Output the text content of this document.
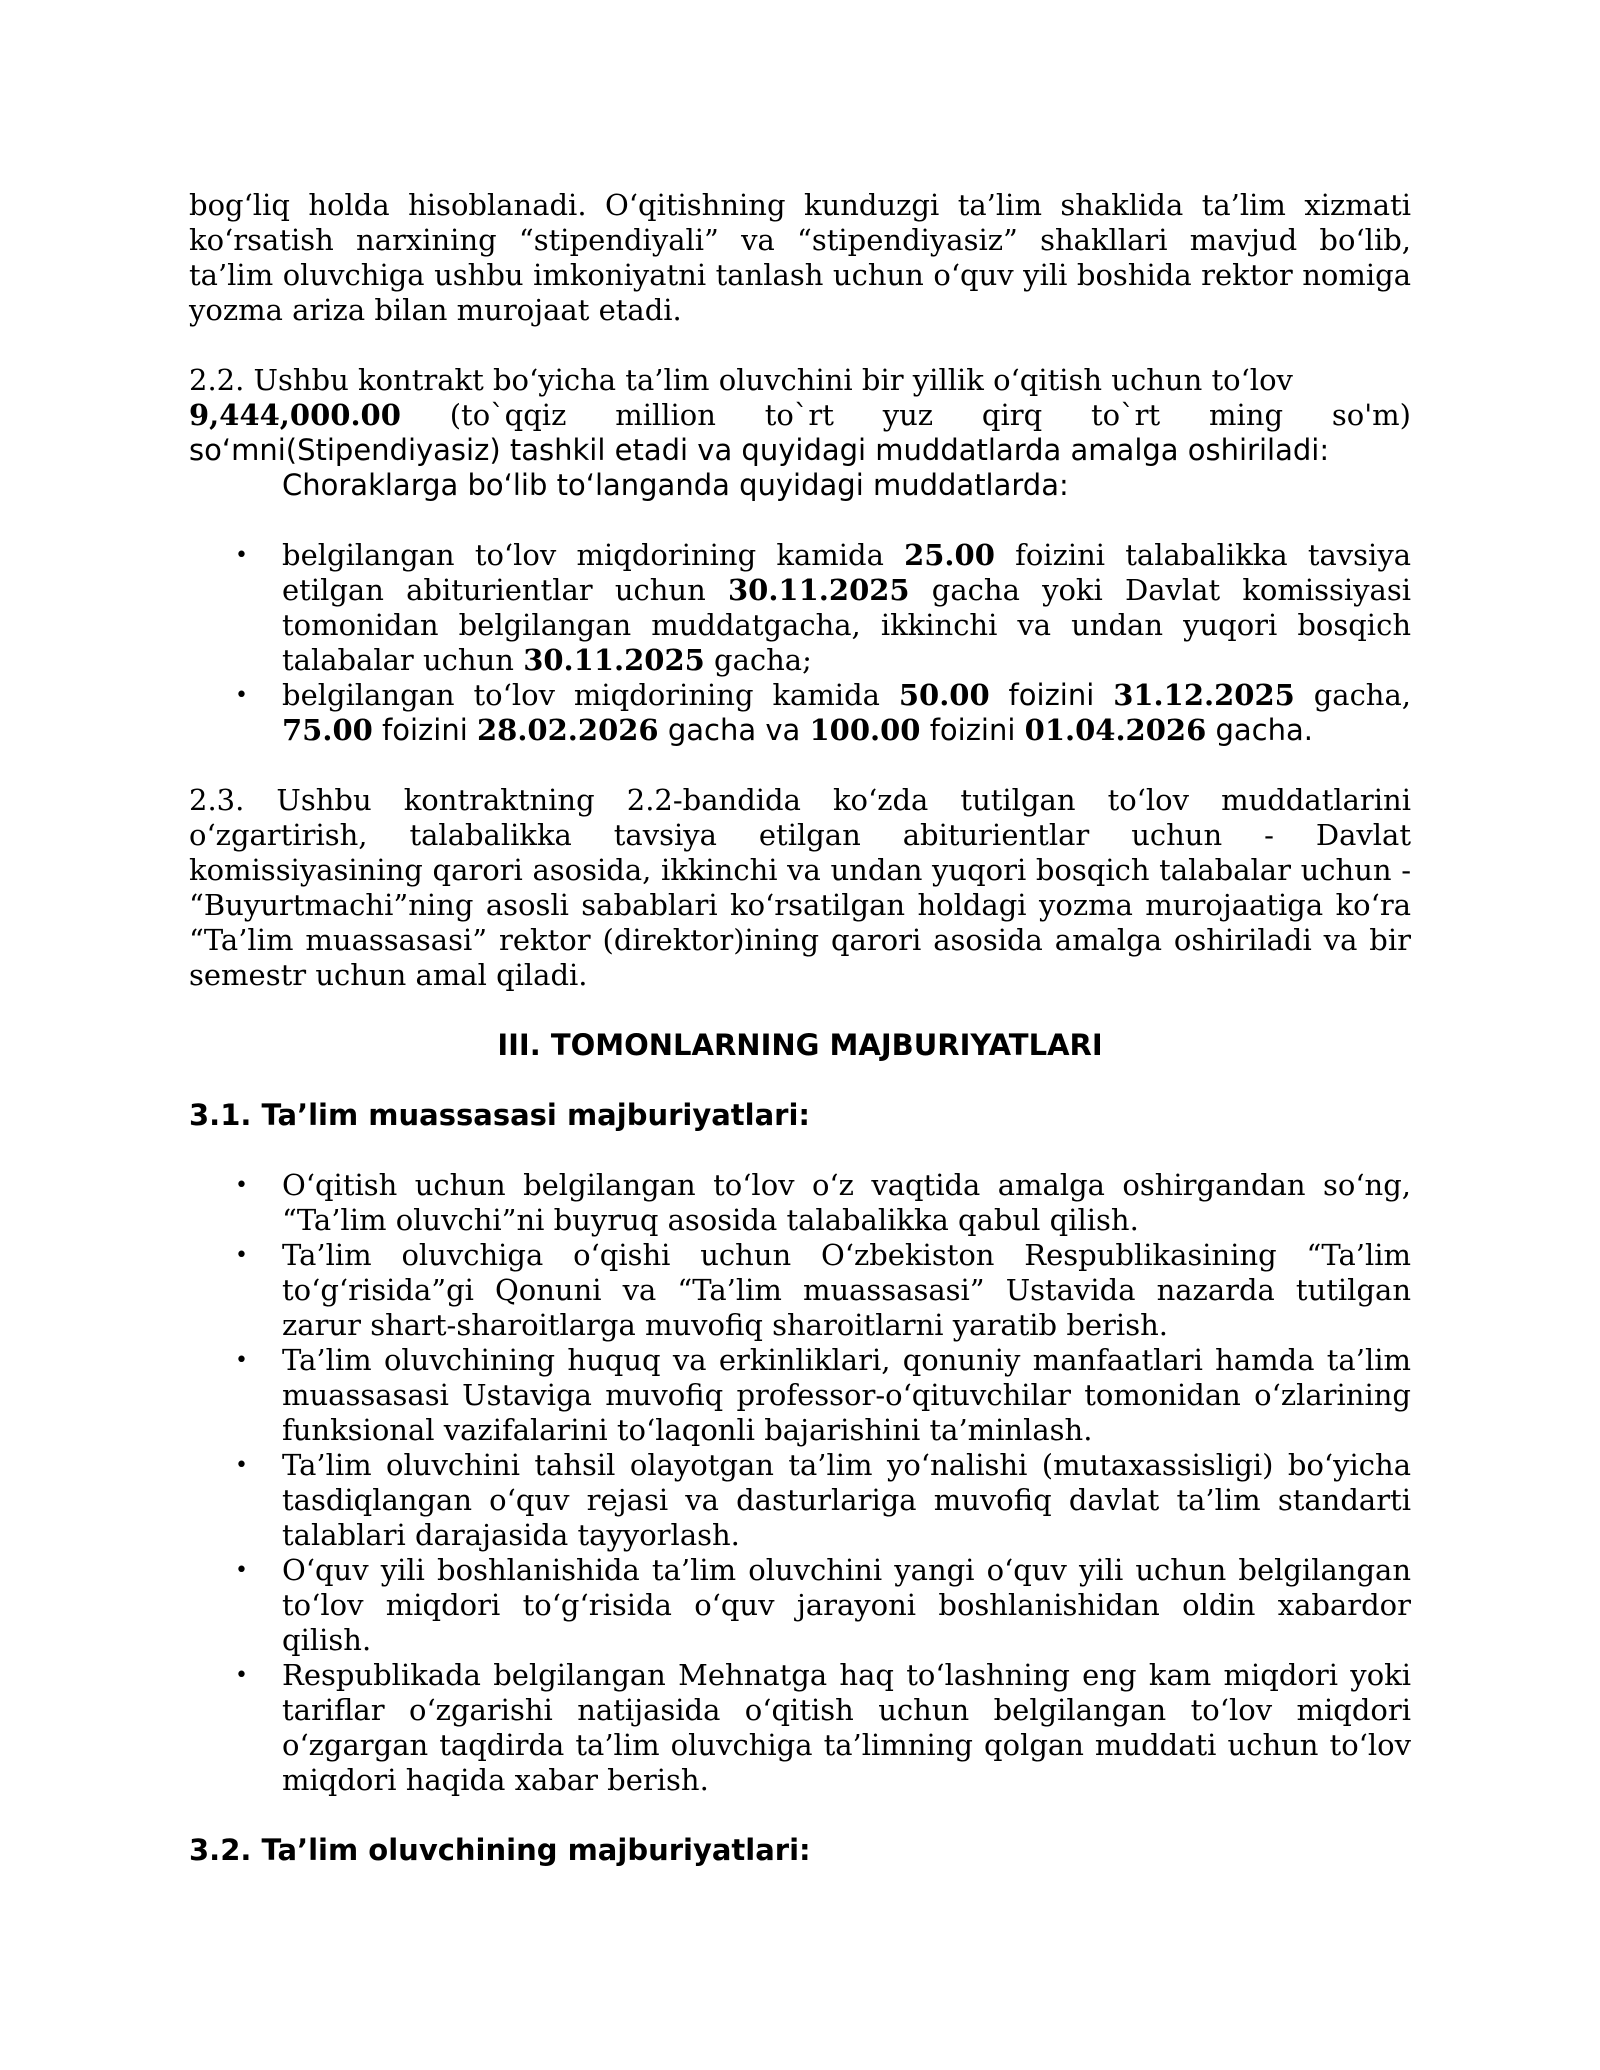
bog‘liq holda hisoblanadi. O‘qitishning kunduzgi ta’lim shaklida ta’lim xizmati ko‘rsatish narxining “stipendiyali” va “stipendiyasiz” shakllari mavjud bo‘lib, ta’lim oluvchiga ushbu imkoniyatni tanlash uchun o‘quv yili boshida rektor nomiga yozma ariza bilan murojaat etadi.

2.2. Ushbu kontrakt bo‘yicha ta’lim oluvchini bir yillik o‘qitish uchun to‘lov

9,444,000.00 (to`qqiz million to`rt yuz qirq to`rt ming so'm)

so‘mni(Stipendiyasiz) tashkil etadi va quyidagi muddatlarda amalga oshiriladi:

Choraklarga bo‘lib to‘langanda quyidagi muddatlarda:

• belgilangan to‘lov miqdorining kamida 25.00 foizini talabalikka tavsiya etilgan abiturientlar uchun 30.11.2025 gacha yoki Davlat komissiyasi tomonidan belgilangan muddatgacha, ikkinchi va undan yuqori bosqich talabalar uchun 30.11.2025 gacha;
• belgilangan to‘lov miqdorining kamida 50.00 foizini 31.12.2025 gacha, 75.00 foizini 28.02.2026 gacha va 100.00 foizini 01.04.2026 gacha.

2.3. Ushbu kontraktning 2.2-bandida ko‘zda tutilgan to‘lov muddatlarini o‘zgartirish, talabalikka tavsiya etilgan abiturientlar uchun - Davlat komissiyasining qarori asosida, ikkinchi va undan yuqori bosqich talabalar uchun - “Buyurtmachi”ning asosli sabablari ko‘rsatilgan holdagi yozma murojaatiga ko‘ra “Ta’lim muassasasi” rektor (direktor)ining qarori asosida amalga oshiriladi va bir semestr uchun amal qiladi.

III. TOMONLARNING MAJBURIYATLARI

3.1. Ta’lim muassasasi majburiyatlari:

• O‘qitish uchun belgilangan to‘lov o‘z vaqtida amalga oshirgandan so‘ng, “Ta’lim oluvchi”ni buyruq asosida talabalikka qabul qilish.
• Ta’lim oluvchiga o‘qishi uchun O‘zbekiston Respublikasining “Ta’lim to‘g‘risida”gi Qonuni va “Ta’lim muassasasi” Ustavida nazarda tutilgan zarur shart-sharoitlarga muvofiq sharoitlarni yaratib berish.
• Ta’lim oluvchining huquq va erkinliklari, qonuniy manfaatlari hamda ta’lim muassasasi Ustaviga muvofiq professor-o‘qituvchilar tomonidan o‘zlarining funksional vazifalarini to‘laqonli bajarishini ta’minlash.
• Ta’lim oluvchini tahsil olayotgan ta’lim yo‘nalishi (mutaxassisligi) bo‘yicha tasdiqlangan o‘quv rejasi va dasturlariga muvofiq davlat ta’lim standarti talablari darajasida tayyorlash.
• O‘quv yili boshlanishida ta’lim oluvchini yangi o‘quv yili uchun belgilangan to‘lov miqdori to‘g‘risida o‘quv jarayoni boshlanishidan oldin xabardor qilish.
• Respublikada belgilangan Mehnatga haq to‘lashning eng kam miqdori yoki tariflar o‘zgarishi natijasida o‘qitish uchun belgilangan to‘lov miqdori o‘zgargan taqdirda ta’lim oluvchiga ta’limning qolgan muddati uchun to‘lov miqdori haqida xabar berish.

3.2. Ta’lim oluvchining majburiyatlari:
